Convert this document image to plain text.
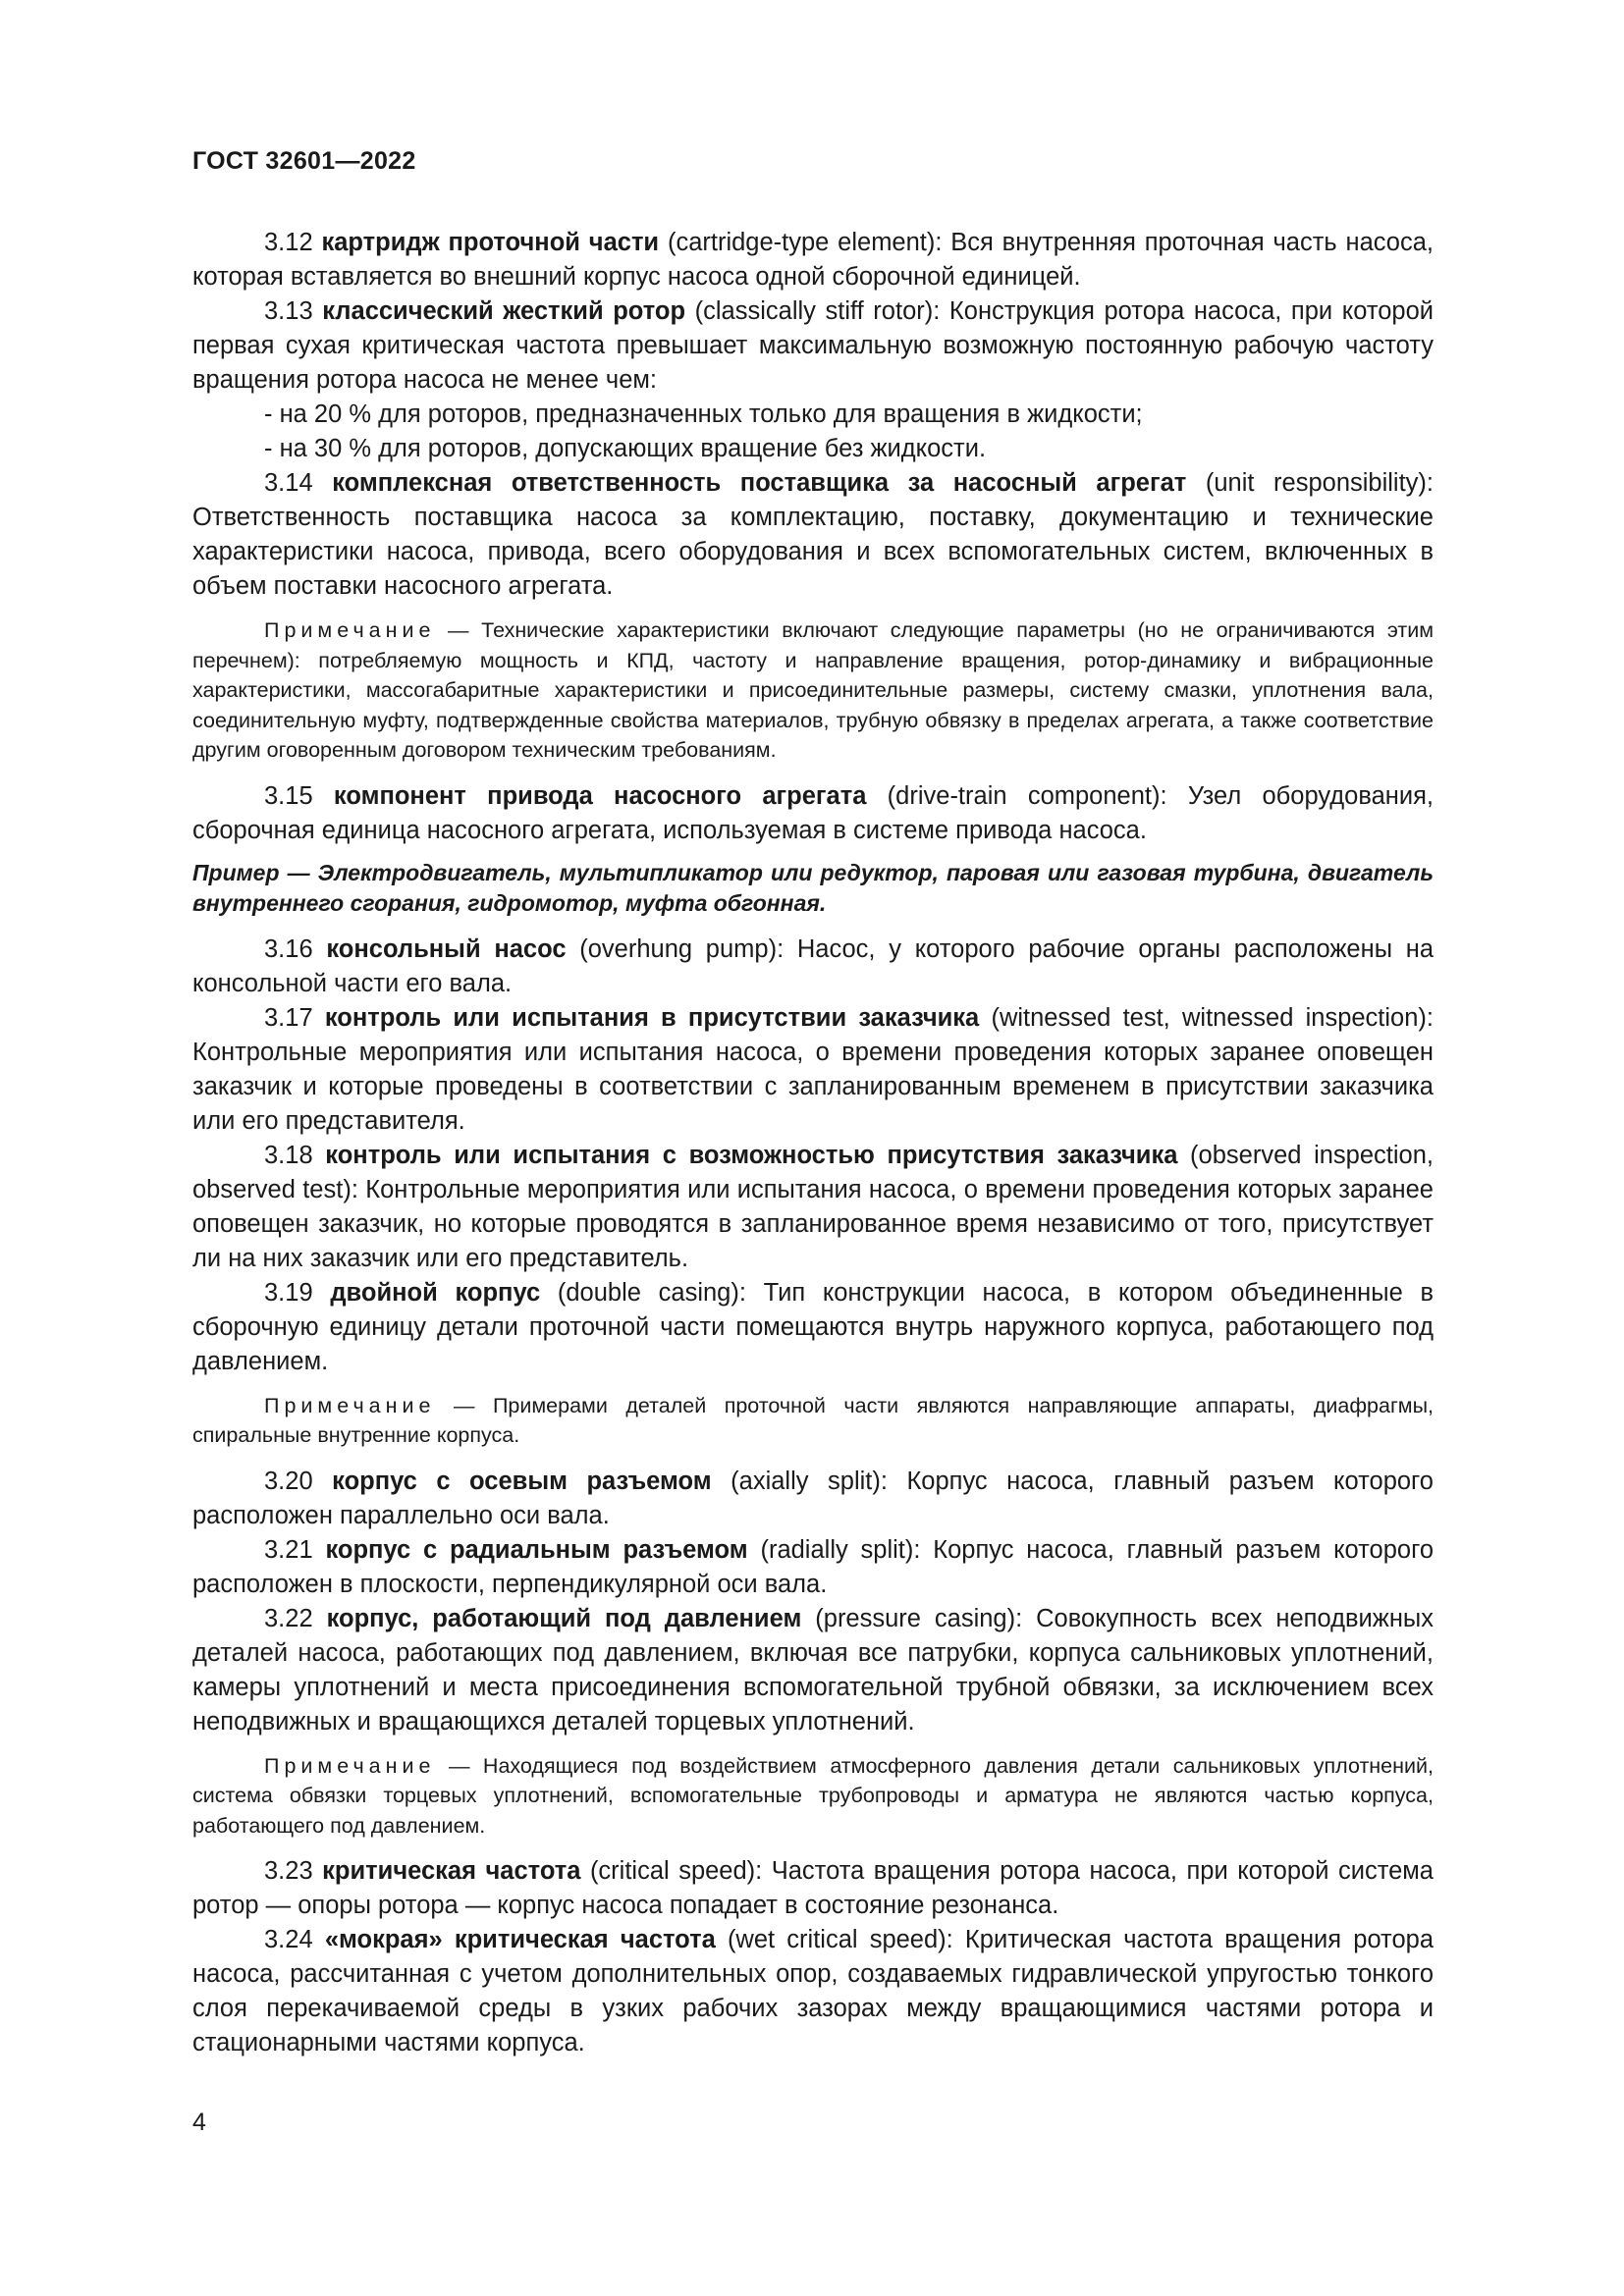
ГОСТ 32601—2022

3.12 картридж проточной части (cartridge-type element): Вся внутренняя проточная часть насоса, которая вставляется во внешний корпус насоса одной сборочной единицей.

3.13 классический жесткий ротор (classically stiff rotor): Конструкция ротора насоса, при которой первая сухая критическая частота превышает максимальную возможную постоянную рабочую частоту вращения ротора насоса не менее чем:

- на 20 % для роторов, предназначенных только для вращения в жидкости;

- на 30 % для роторов, допускающих вращение без жидкости.

3.14 комплексная ответственность поставщика за насосный агрегат (unit responsibility): Ответственность поставщика насоса за комплектацию, поставку, документацию и технические характеристики насоса, привода, всего оборудования и всех вспомогательных систем, включенных в объем поставки насосного агрегата.

Примечание — Технические характеристики включают следующие параметры (но не ограничиваются этим перечнем): потребляемую мощность и КПД, частоту и направление вращения, ротор-динамику и вибрационные характеристики, массогабаритные характеристики и присоединительные размеры, систему смазки, уплотнения вала, соединительную муфту, подтвержденные свойства материалов, трубную обвязку в пределах агрегата, а также соответствие другим оговоренным договором техническим требованиям.

3.15 компонент привода насосного агрегата (drive-train component): Узел оборудования, сборочная единица насосного агрегата, используемая в системе привода насоса.

Пример — Электродвигатель, мультипликатор или редуктор, паровая или газовая турбина, двигатель внутреннего сгорания, гидромотор, муфта обгонная.

3.16 консольный насос (overhung pump): Насос, у которого рабочие органы расположены на консольной части его вала.

3.17 контроль или испытания в присутствии заказчика (witnessed test, witnessed inspection): Контрольные мероприятия или испытания насоса, о времени проведения которых заранее оповещен заказчик и которые проведены в соответствии с запланированным временем в присутствии заказчика или его представителя.

3.18 контроль или испытания с возможностью присутствия заказчика (observed inspection, observed test): Контрольные мероприятия или испытания насоса, о времени проведения которых заранее оповещен заказчик, но которые проводятся в запланированное время независимо от того, присутствует ли на них заказчик или его представитель.

3.19 двойной корпус (double casing): Тип конструкции насоса, в котором объединенные в сборочную единицу детали проточной части помещаются внутрь наружного корпуса, работающего под давлением.

Примечание — Примерами деталей проточной части являются направляющие аппараты, диафрагмы, спиральные внутренние корпуса.

3.20 корпус с осевым разъемом (axially split): Корпус насоса, главный разъем которого расположен параллельно оси вала.

3.21 корпус с радиальным разъемом (radially split): Корпус насоса, главный разъем которого расположен в плоскости, перпендикулярной оси вала.

3.22 корпус, работающий под давлением (pressure casing): Совокупность всех неподвижных деталей насоса, работающих под давлением, включая все патрубки, корпуса сальниковых уплотнений, камеры уплотнений и места присоединения вспомогательной трубной обвязки, за исключением всех неподвижных и вращающихся деталей торцевых уплотнений.

Примечание — Находящиеся под воздействием атмосферного давления детали сальниковых уплотнений, система обвязки торцевых уплотнений, вспомогательные трубопроводы и арматура не являются частью корпуса, работающего под давлением.

3.23 критическая частота (critical speed): Частота вращения ротора насоса, при которой система ротор — опоры ротора — корпус насоса попадает в состояние резонанса.

3.24 «мокрая» критическая частота (wet critical speed): Критическая частота вращения ротора насоса, рассчитанная с учетом дополнительных опор, создаваемых гидравлической упругостью тонкого слоя перекачиваемой среды в узких рабочих зазорах между вращающимися частями ротора и стационарными частями корпуса.

4
